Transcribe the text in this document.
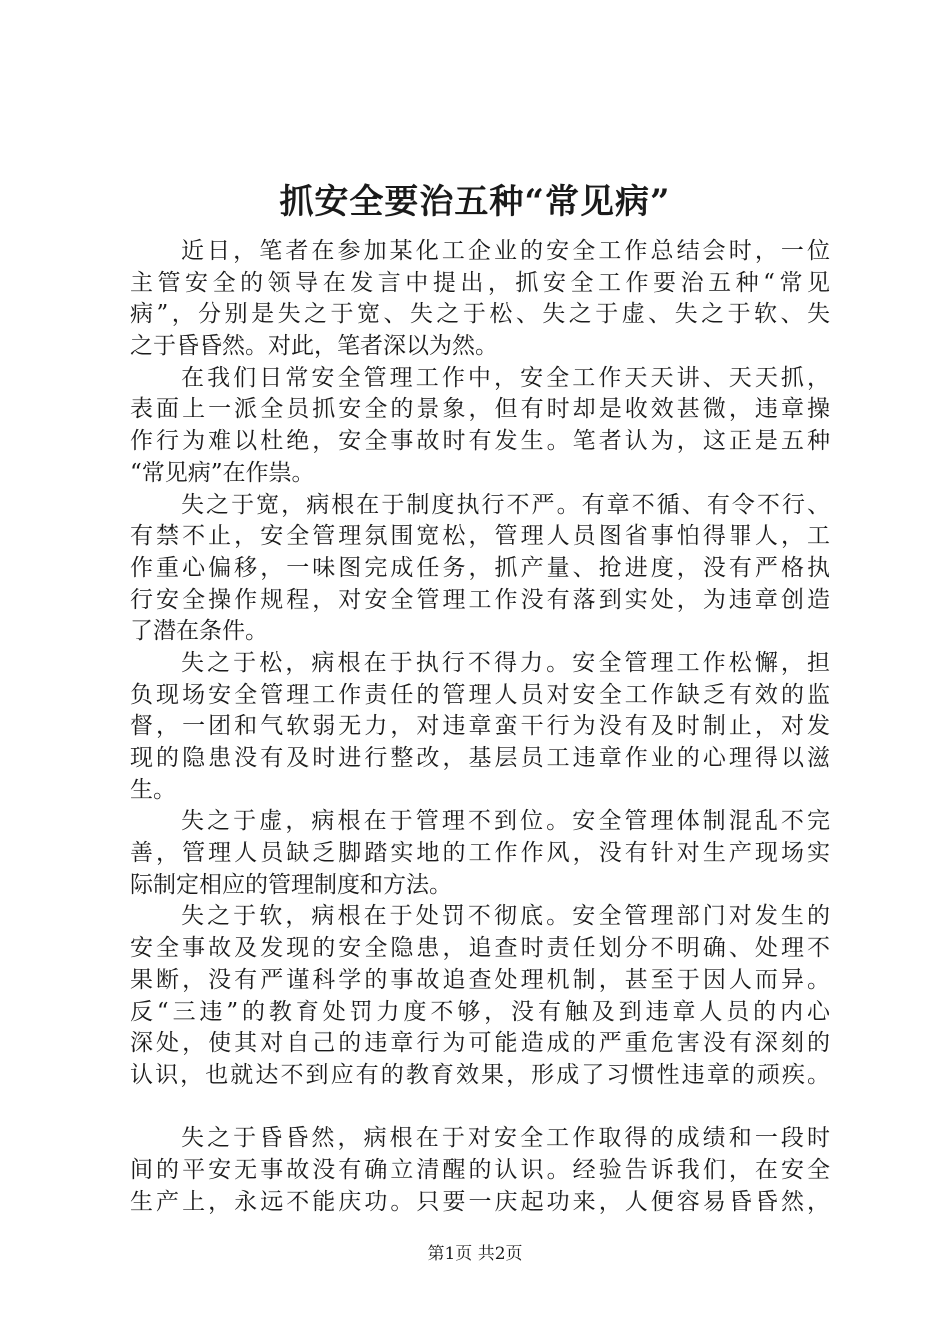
抓安全要治五种“常见病”
近日，笔者在参加某化工企业的安全工作总结会时，一位
主管安全的领导在发言中提出，抓安全工作要治五种“常见
病”，分别是失之于宽、失之于松、失之于虚、失之于软、失
之于昏昏然。对此，笔者深以为然。
在我们日常安全管理工作中，安全工作天天讲、天天抓，
表面上一派全员抓安全的景象，但有时却是收效甚微，违章操
作行为难以杜绝，安全事故时有发生。笔者认为，这正是五种
“常见病”在作祟。
失之于宽，病根在于制度执行不严。有章不循、有令不行、
有禁不止，安全管理氛围宽松，管理人员图省事怕得罪人，工
作重心偏移，一味图完成任务，抓产量、抢进度，没有严格执
行安全操作规程，对安全管理工作没有落到实处，为违章创造
了潜在条件。
失之于松，病根在于执行不得力。安全管理工作松懈，担
负现场安全管理工作责任的管理人员对安全工作缺乏有效的监
督，一团和气软弱无力，对违章蛮干行为没有及时制止，对发
现的隐患没有及时进行整改，基层员工违章作业的心理得以滋
生。
失之于虚，病根在于管理不到位。安全管理体制混乱不完
善，管理人员缺乏脚踏实地的工作作风，没有针对生产现场实
际制定相应的管理制度和方法。
失之于软，病根在于处罚不彻底。安全管理部门对发生的
安全事故及发现的安全隐患，追查时责任划分不明确、处理不
果断，没有严谨科学的事故追查处理机制，甚至于因人而异。
反“三违”的教育处罚力度不够，没有触及到违章人员的内心
深处，使其对自己的违章行为可能造成的严重危害没有深刻的
认识，也就达不到应有的教育效果，形成了习惯性违章的顽疾。
失之于昏昏然，病根在于对安全工作取得的成绩和一段时
间的平安无事故没有确立清醒的认识。经验告诉我们，在安全
生产上，永远不能庆功。只要一庆起功来，人便容易昏昏然，
第1页 共2页
